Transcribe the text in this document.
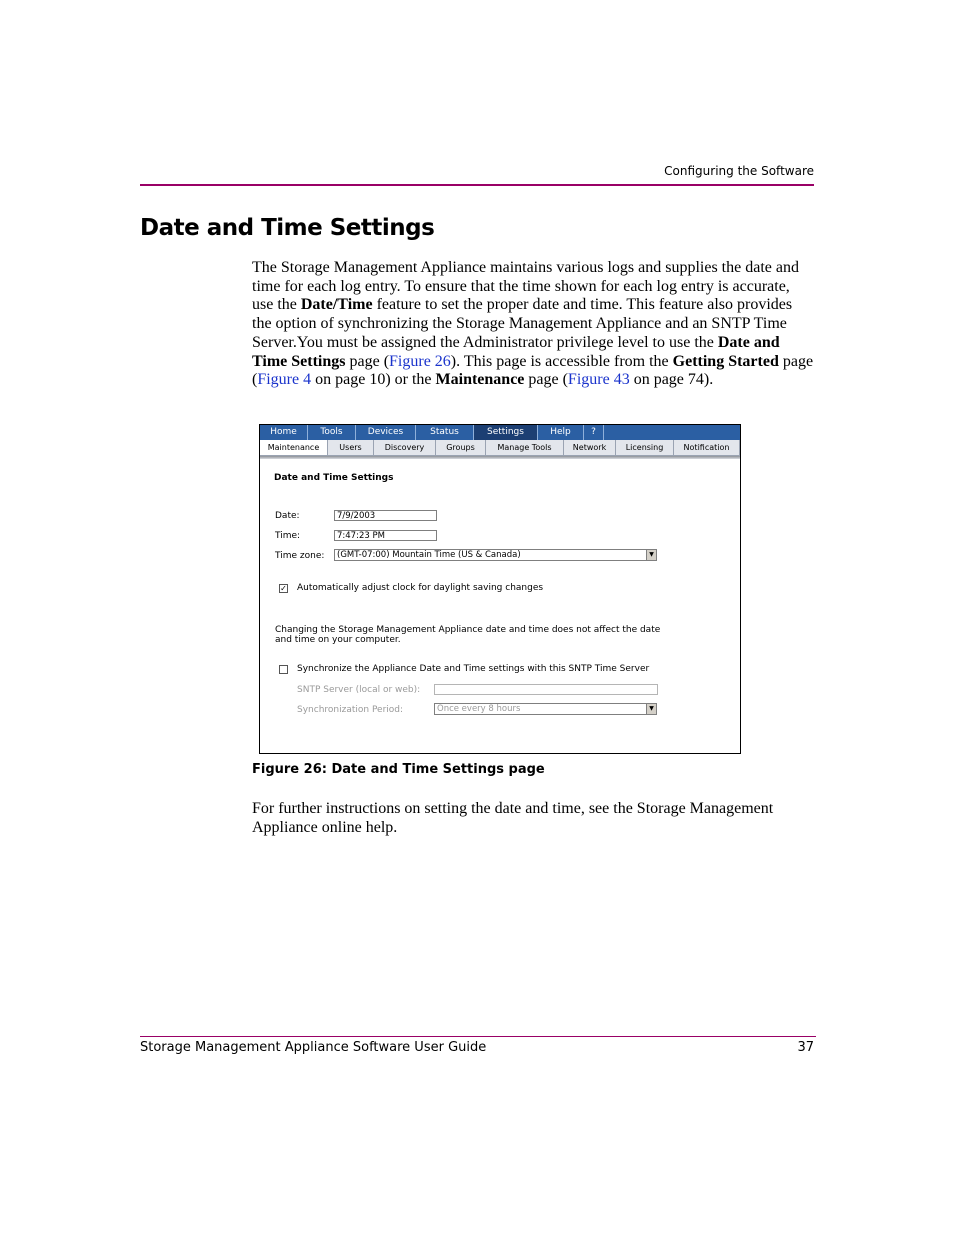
Configuring the Software
Date and Time Settings

The Storage Management Appliance maintains various logs and supplies the date and time for each log entry. To ensure that the time shown for each log entry is accurate, use the Date/Time feature to set the proper date and time. This feature also provides the option of synchronizing the Storage Management Appliance and an SNTP Time Server.You must be assigned the Administrator privilege level to use the Date and Time Settings page (Figure 26). This page is accessible from the Getting Started page (Figure 4 on page 10) or the Maintenance page (Figure 43 on page 74).

Home	Tools	Devices	Status	Settings	Help	?
Maintenance	Users	Discovery	Groups	Manage Tools	Network	Licensing	Notification
Date and Time Settings
Date:	7/9/2003
Time:	7:47:23 PM
Time zone:	(GMT-07:00) Mountain Time (US & Canada)	▼
✓ Automatically adjust clock for daylight saving changes
Changing the Storage Management Appliance date and time does not affect the date
and time on your computer.
Synchronize the Appliance Date and Time settings with this SNTP Time Server
SNTP Server (local or web):
Synchronization Period:	Once every 8 hours	▼
Figure 26: Date and Time Settings page

For further instructions on setting the date and time, see the Storage Management Appliance online help.

Storage Management Appliance Software User Guide	37
